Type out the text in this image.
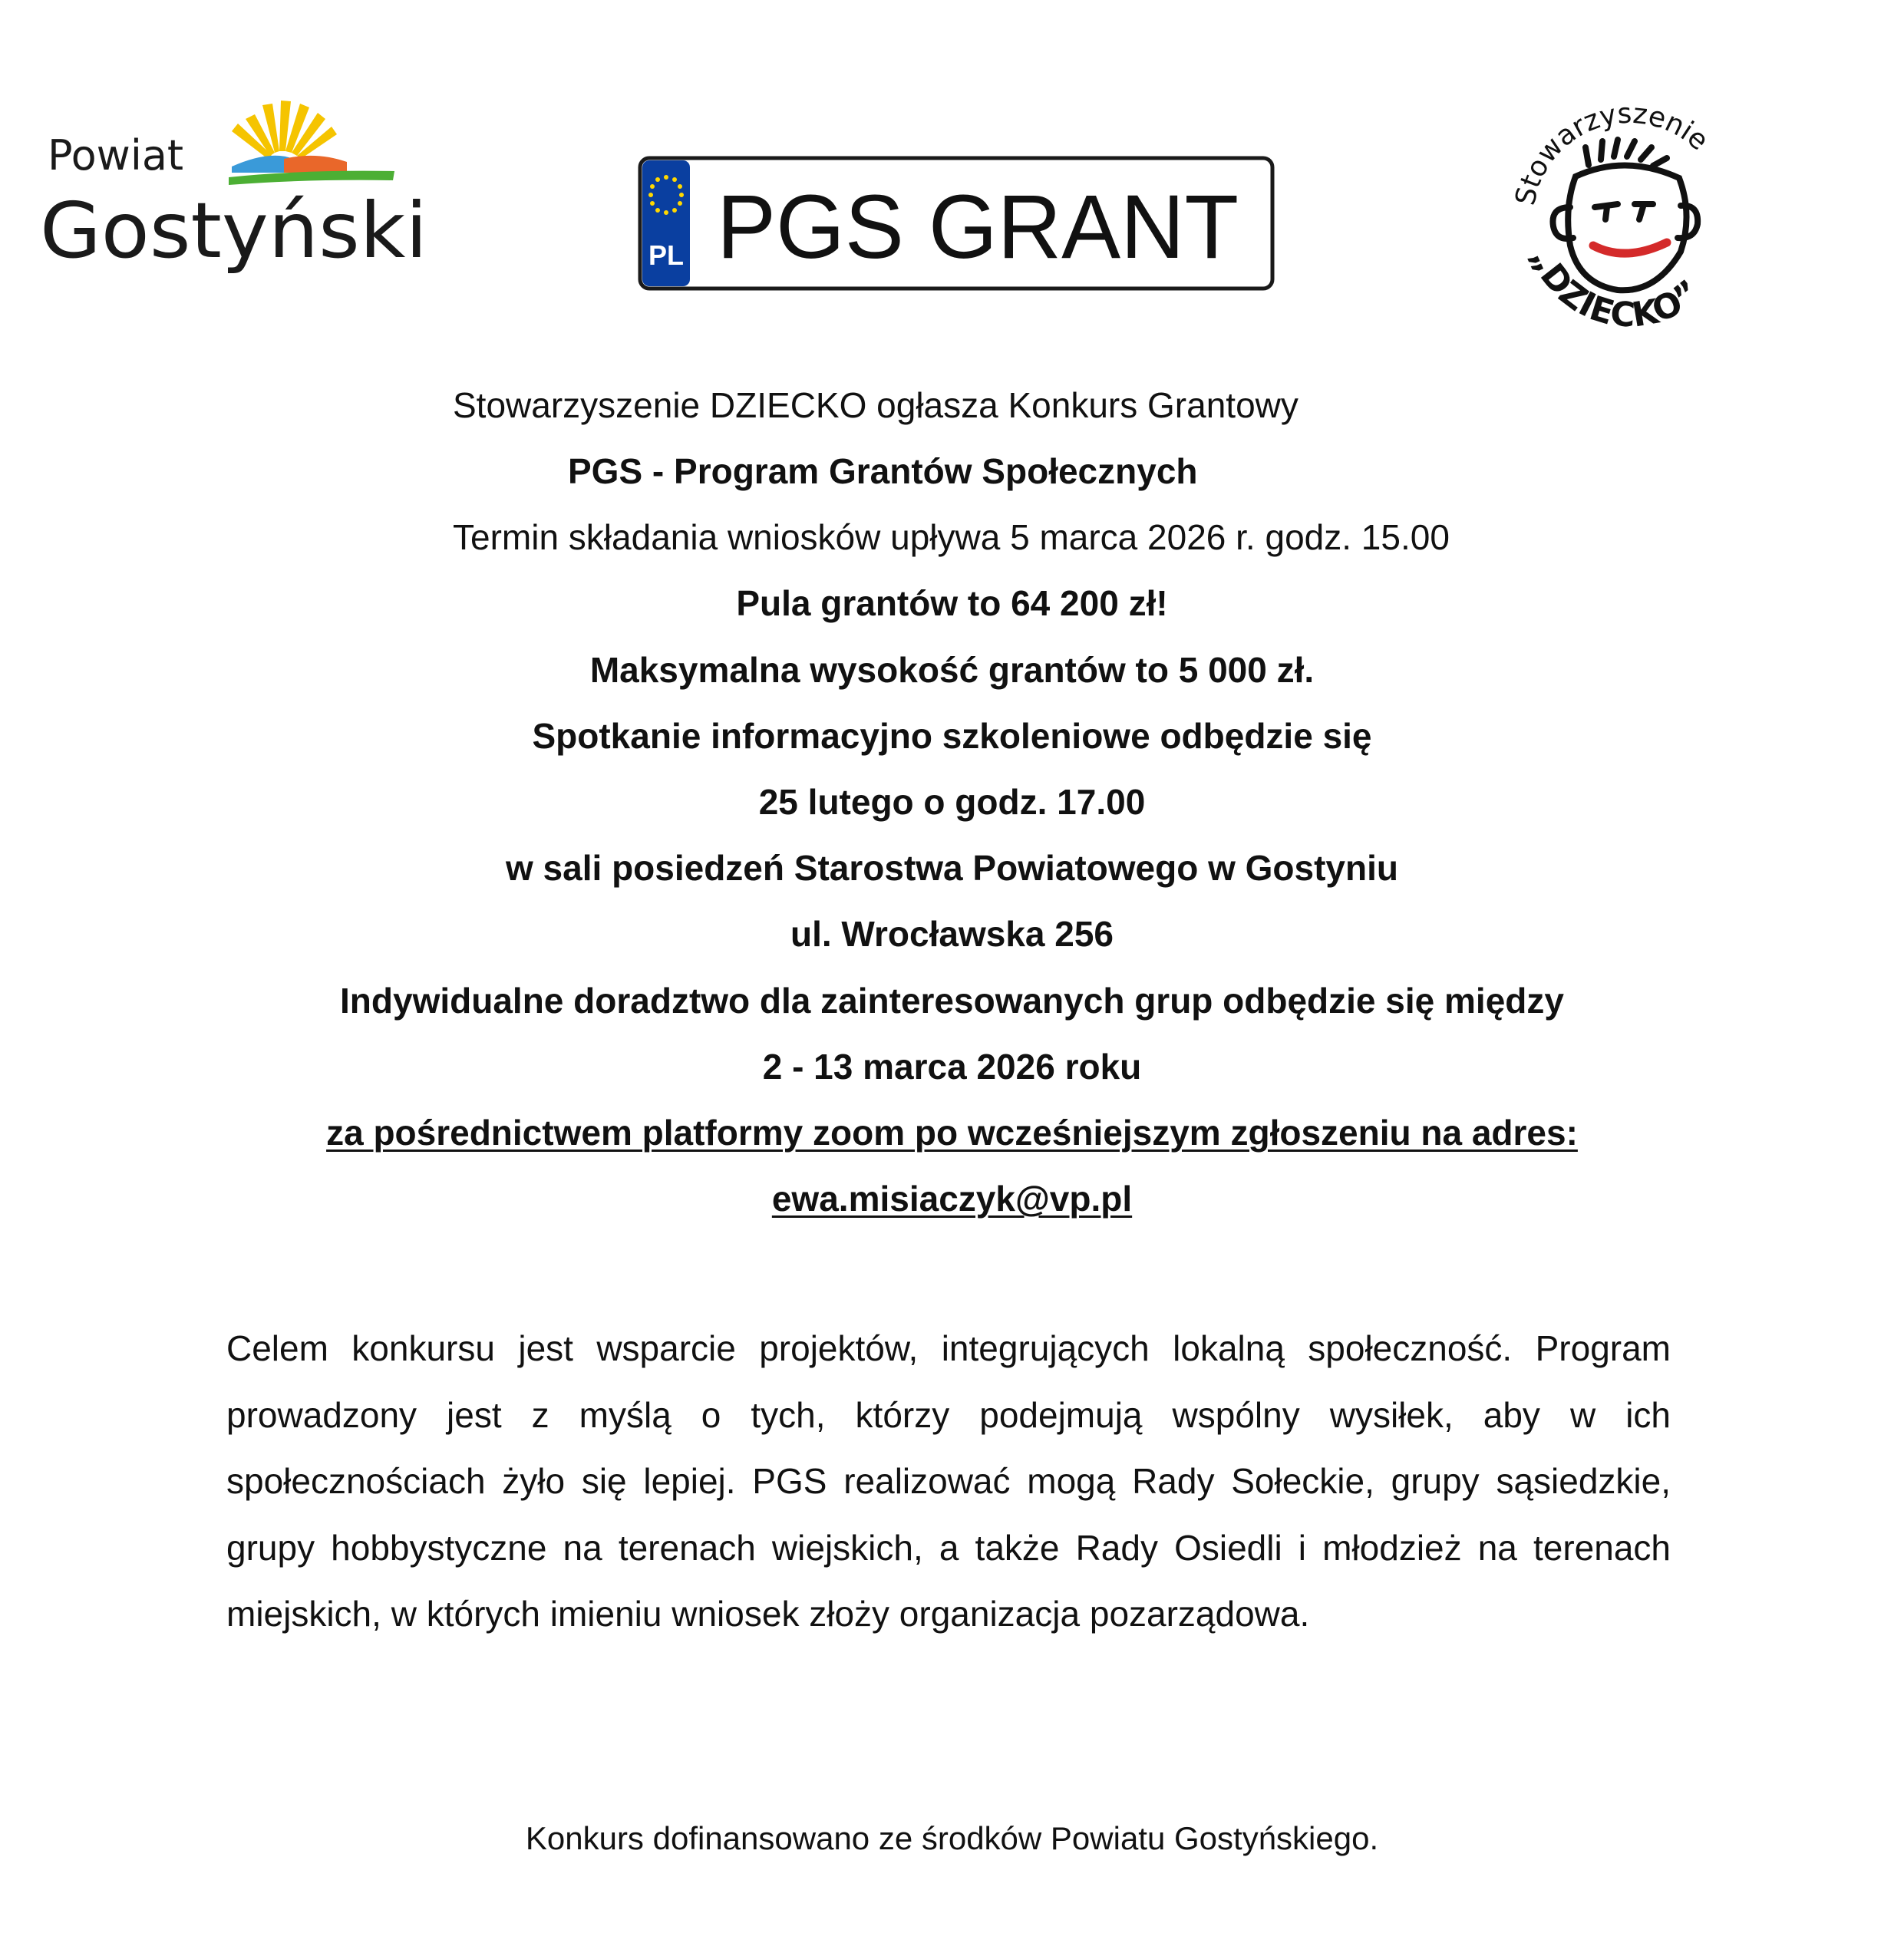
Powiat
Gostyński	PL PGS GRANT	Stowarzyszenie
„DZIECKO”

Stowarzyszenie DZIECKO ogłasza Konkurs Grantowy

PGS - Program Grantów Społecznych

Termin składania wniosków upływa 5 marca 2026 r. godz. 15.00

Pula grantów to 64 200 zł!

Maksymalna wysokość grantów to 5 000 zł.

Spotkanie informacyjno szkoleniowe odbędzie się

25 lutego o godz. 17.00

w sali posiedzeń Starostwa Powiatowego w Gostyniu

ul. Wrocławska 256

Indywidualne doradztwo dla zainteresowanych grup odbędzie się między

2 - 13 marca 2026 roku

za pośrednictwem platformy zoom po wcześniejszym zgłoszeniu na adres:

ewa.misiaczyk@vp.pl

Celem konkursu jest wsparcie projektów, integrujących lokalną społeczność. Program prowadzony jest z myślą o tych, którzy podejmują wspólny wysiłek, aby w ich społecznościach żyło się lepiej. PGS realizować mogą Rady Sołeckie, grupy sąsiedzkie, grupy hobbystyczne na terenach wiejskich, a także Rady Osiedli i młodzież na terenach miejskich, w których imieniu wniosek złoży organizacja pozarządowa.

Konkurs dofinansowano ze środków Powiatu Gostyńskiego.
